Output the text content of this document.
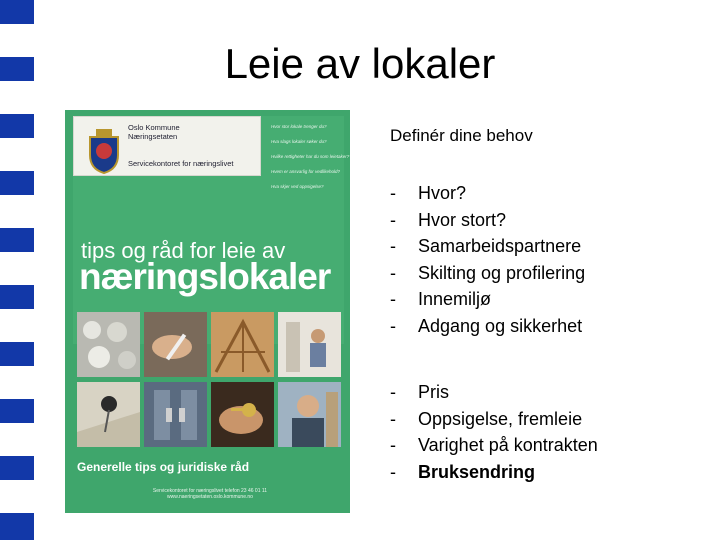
Leie av lokaler
Oslo Kommune
Næringsetaten
Servicekontoret for næringslivet
Hvor stor lokale trenger du?
Hva slags lokaler søker du?
Hvilke rettigheter har du som leietaker?
Hvem er ansvarlig for vedlikehold?
Hva skjer ved oppsigelse?
tips og råd for leie av
næringslokaler
Generelle tips og juridiske råd
Servicekontoret for næringslivet telefon 23 46 01 11
www.naeringsetaten.oslo.kommune.no
Definér dine behov
- Hvor?
- Hvor stort?
- Samarbeidspartnere
- Skilting og profilering
- Innemiljø
- Adgang og sikkerhet
- Pris
- Oppsigelse, fremleie
- Varighet på kontrakten
- Bruksendring
